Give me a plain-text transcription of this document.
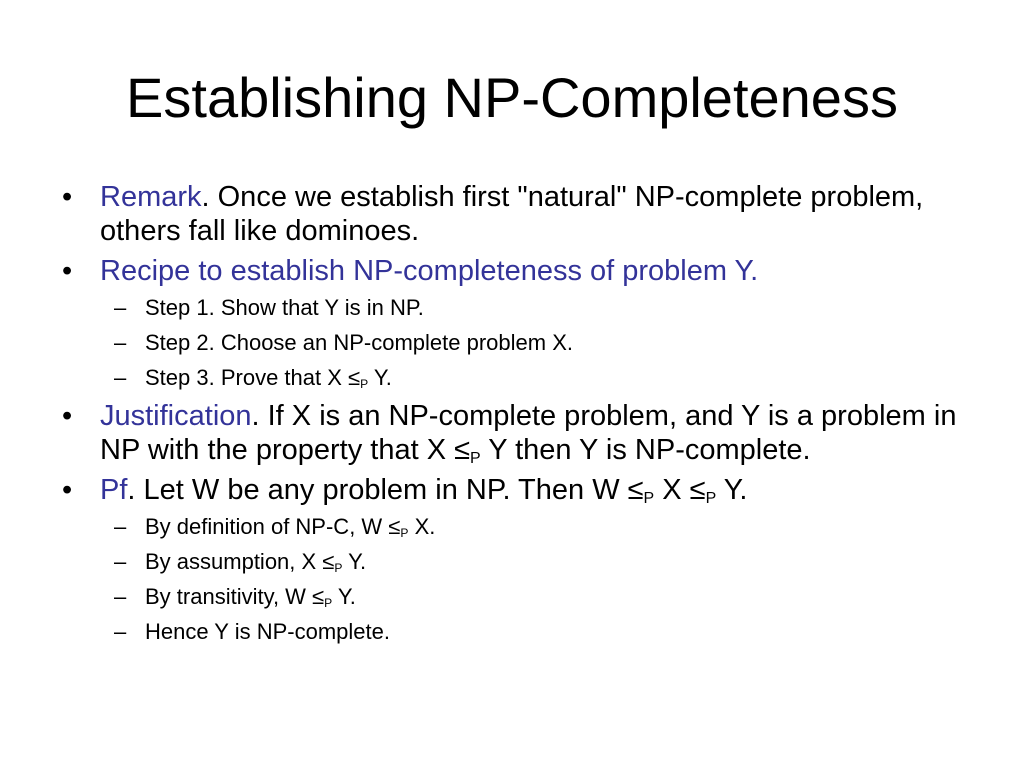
Establishing NP-Completeness
• Remark. Once we establish first "natural" NP-complete problem, others fall like dominoes.
• Recipe to establish NP-completeness of problem Y.
– Step 1. Show that Y is in NP.
– Step 2. Choose an NP-complete problem X.
– Step 3. Prove that $X \le_P$ Y.
• Justification. If X is an NP-complete problem, and Y is a problem in NP with the property that $X \le_P$ Y then Y is NP-complete.
• Pf. Let W be any problem in NP. Then $W \le_P$ $X \le_P$ Y.
– By definition of NP-C, $W \le_P$ X.
– By assumption, $X \le_P$ Y.
– By transitivity, $W \le_P$ Y.
– Hence Y is NP-complete.
